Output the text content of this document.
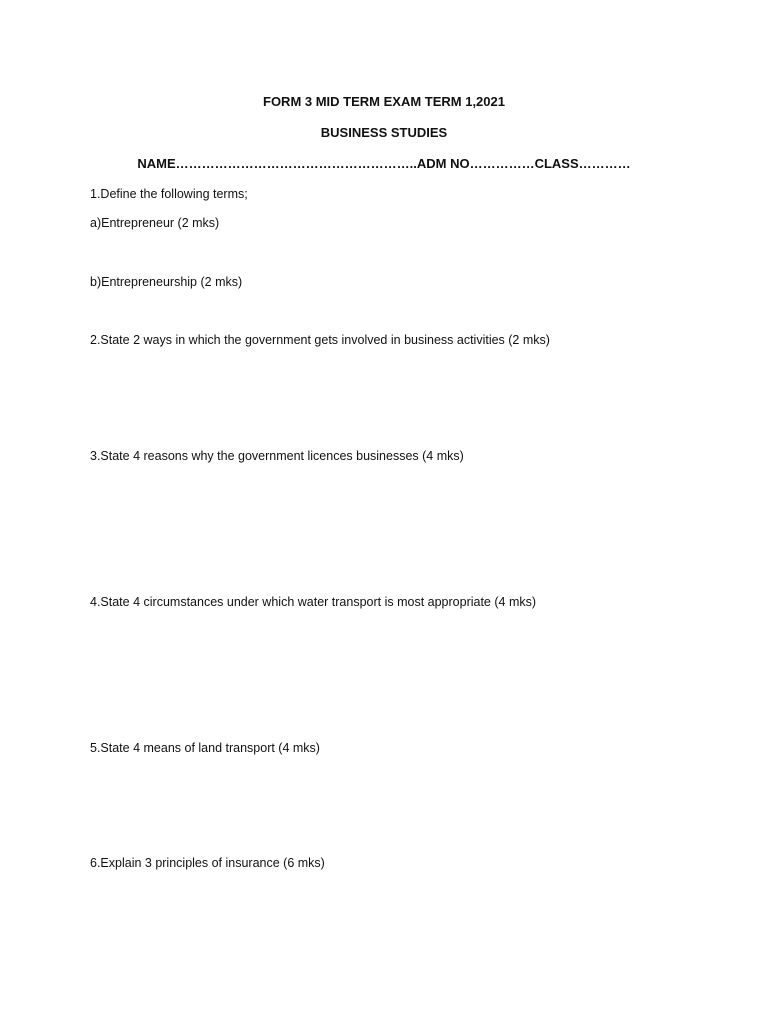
FORM 3 MID TERM EXAM TERM 1,2021
BUSINESS STUDIES
NAME………………………………………………..ADM NO……………CLASS…………
1.Define the following terms;
a)Entrepreneur (2 mks)
b)Entrepreneurship (2 mks)
2.State 2 ways in which the government gets involved in business activities (2 mks)
3.State 4 reasons why the government licences businesses (4 mks)
4.State 4 circumstances under which water transport is most appropriate (4 mks)
5.State 4 means of land transport (4 mks)
6.Explain 3 principles of insurance (6 mks)
